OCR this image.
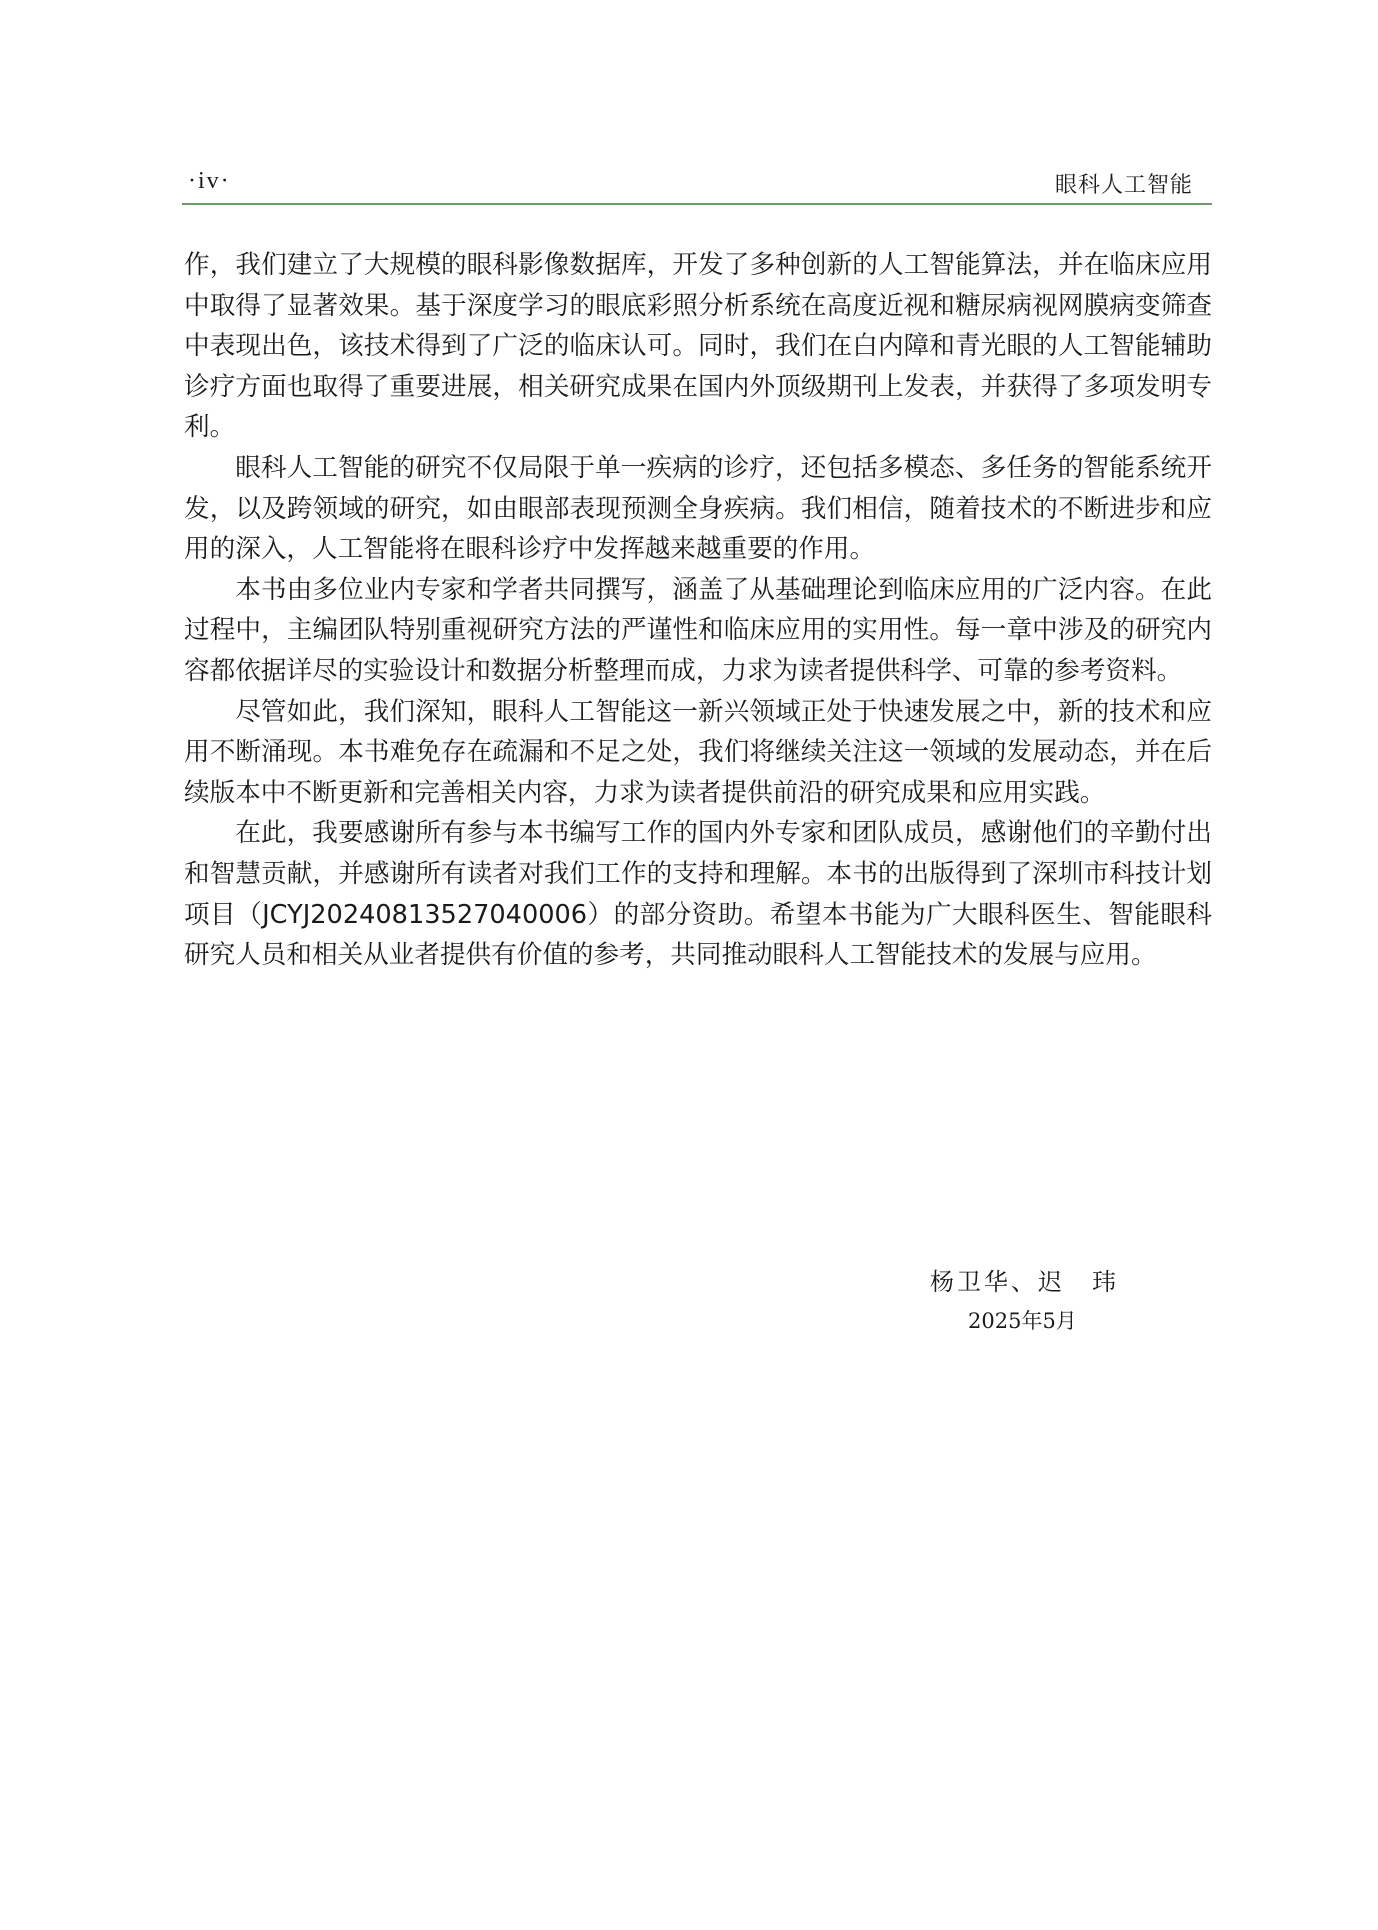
·iv·	眼科人工智能

作，我们建立了大规模的眼科影像数据库，开发了多种创新的人工智能算法，并在临床应用中取得了显著效果。基于深度学习的眼底彩照分析系统在高度近视和糖尿病视网膜病变筛查中表现出色，该技术得到了广泛的临床认可。同时，我们在白内障和青光眼的人工智能辅助诊疗方面也取得了重要进展，相关研究成果在国内外顶级期刊上发表，并获得了多项发明专利。

眼科人工智能的研究不仅局限于单一疾病的诊疗，还包括多模态、多任务的智能系统开发，以及跨领域的研究，如由眼部表现预测全身疾病。我们相信，随着技术的不断进步和应用的深入，人工智能将在眼科诊疗中发挥越来越重要的作用。

本书由多位业内专家和学者共同撰写，涵盖了从基础理论到临床应用的广泛内容。在此过程中，主编团队特别重视研究方法的严谨性和临床应用的实用性。每一章中涉及的研究内容都依据详尽的实验设计和数据分析整理而成，力求为读者提供科学、可靠的参考资料。

尽管如此，我们深知，眼科人工智能这一新兴领域正处于快速发展之中，新的技术和应用不断涌现。本书难免存在疏漏和不足之处，我们将继续关注这一领域的发展动态，并在后续版本中不断更新和完善相关内容，力求为读者提供前沿的研究成果和应用实践。

在此，我要感谢所有参与本书编写工作的国内外专家和团队成员，感谢他们的辛勤付出和智慧贡献，并感谢所有读者对我们工作的支持和理解。本书的出版得到了深圳市科技计划项目（JCYJ20240813527040006）的部分资助。希望本书能为广大眼科医生、智能眼科研究人员和相关从业者提供有价值的参考，共同推动眼科人工智能技术的发展与应用。

杨卫华、迟　玮
2025年5月
